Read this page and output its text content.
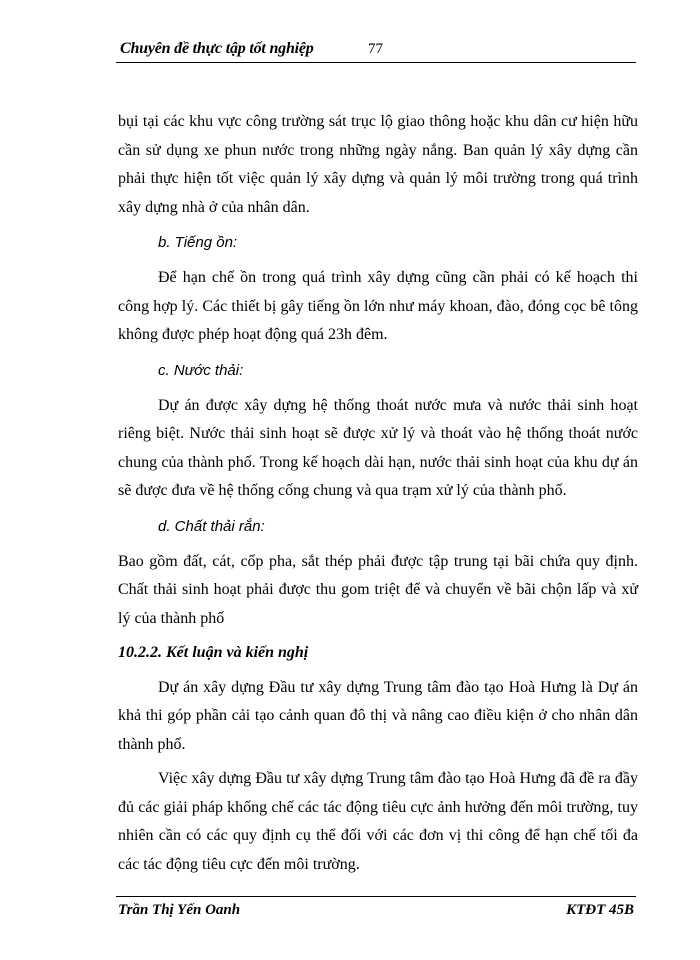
Chuyên đề thực tập tốt nghiệp	77

bụi tại các khu vực công trường sát trục lộ giao thông hoặc khu dân cư hiện hữu cần sử dụng xe phun nước trong những ngày nắng. Ban quản lý xây dựng cần phải thực hiện tốt việc quản lý xây dựng và quản lý môi trường trong quá trình xây dựng nhà ở của nhân dân.

b. Tiếng ồn:

Để hạn chế ồn trong quá trình xây dựng cũng cần phải có kế hoạch thi công hợp lý. Các thiết bị gây tiếng ồn lớn như máy khoan, đào, đóng cọc bê tông không được phép hoạt động quá 23h đêm.

c. Nước thải:

Dự án được xây dựng hệ thống thoát nước mưa và nước thải sinh hoạt riêng biệt. Nước thải sinh hoạt sẽ được xử lý và thoát vào hệ thống thoát nước chung của thành phố. Trong kế hoạch dài hạn, nước thải sinh hoạt của khu dự án sẽ được đưa về hệ thống cống chung và qua trạm xử lý của thành phố.

d. Chất thải rắn:

Bao gồm đất, cát, cốp pha, sắt thép phải được tập trung tại bãi chứa quy định. Chất thải sinh hoạt phải được thu gom triệt để và chuyển về bãi chộn lấp và xử lý của thành phố

10.2.2. Kết luận và kiến nghị

Dự án xây dựng Đầu tư xây dựng Trung tâm đào tạo Hoà Hưng là Dự án khả thi góp phần cải tạo cảnh quan đô thị và nâng cao điều kiện ở cho nhân dân thành phố.

Việc xây dựng Đầu tư xây dựng Trung tâm đào tạo Hoà Hưng đã đề ra đầy đủ các giải pháp khống chế các tác động tiêu cực ảnh hưởng đến môi trường, tuy nhiên cần có các quy định cụ thể đối với các đơn vị thi công để hạn chế tối đa các tác động tiêu cực đến môi trường.

Trần Thị Yến Oanh	KTĐT 45B
